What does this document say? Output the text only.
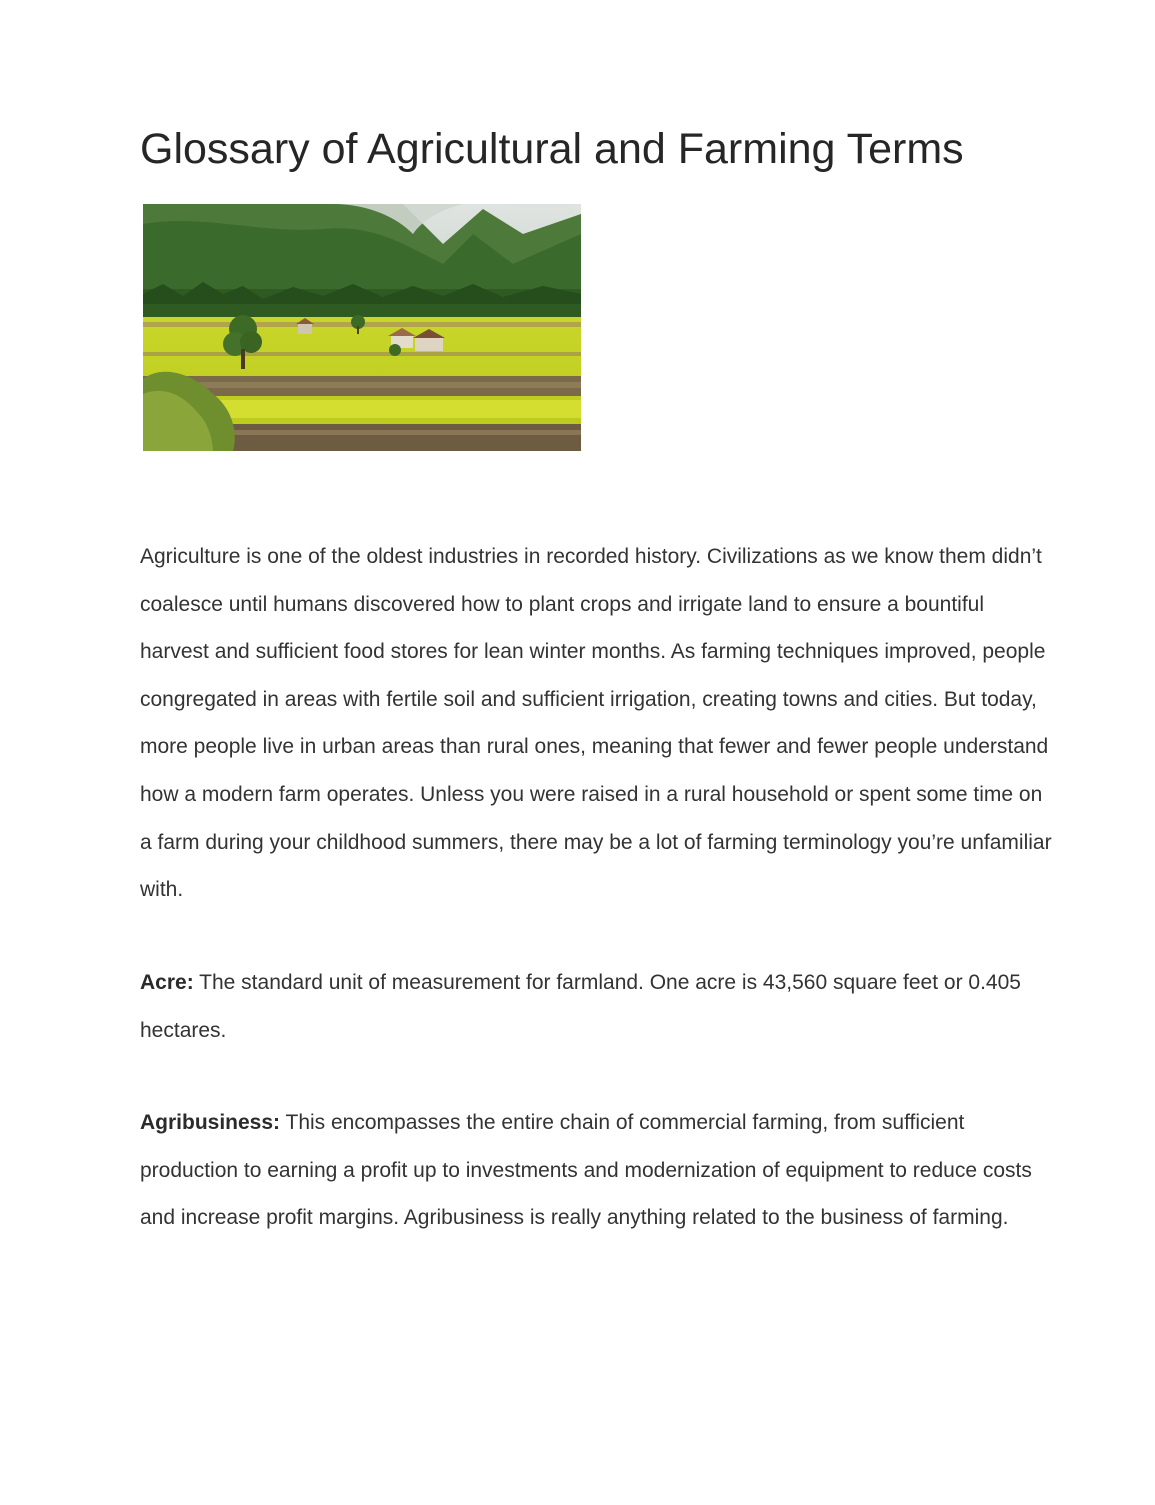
Glossary of Agricultural and Farming Terms

Agriculture is one of the oldest industries in recorded history. Civilizations as we know them didn’t coalesce until humans discovered how to plant crops and irrigate land to ensure a bountiful harvest and sufficient food stores for lean winter months. As farming techniques improved, people congregated in areas with fertile soil and sufficient irrigation, creating towns and cities. But today, more people live in urban areas than rural ones, meaning that fewer and fewer people understand how a modern farm operates. Unless you were raised in a rural household or spent some time on a farm during your childhood summers, there may be a lot of farming terminology you’re unfamiliar with.

Acre: The standard unit of measurement for farmland. One acre is 43,560 square feet or 0.405 hectares.

Agribusiness: This encompasses the entire chain of commercial farming, from sufficient production to earning a profit up to investments and modernization of equipment to reduce costs and increase profit margins. Agribusiness is really anything related to the business of farming.
